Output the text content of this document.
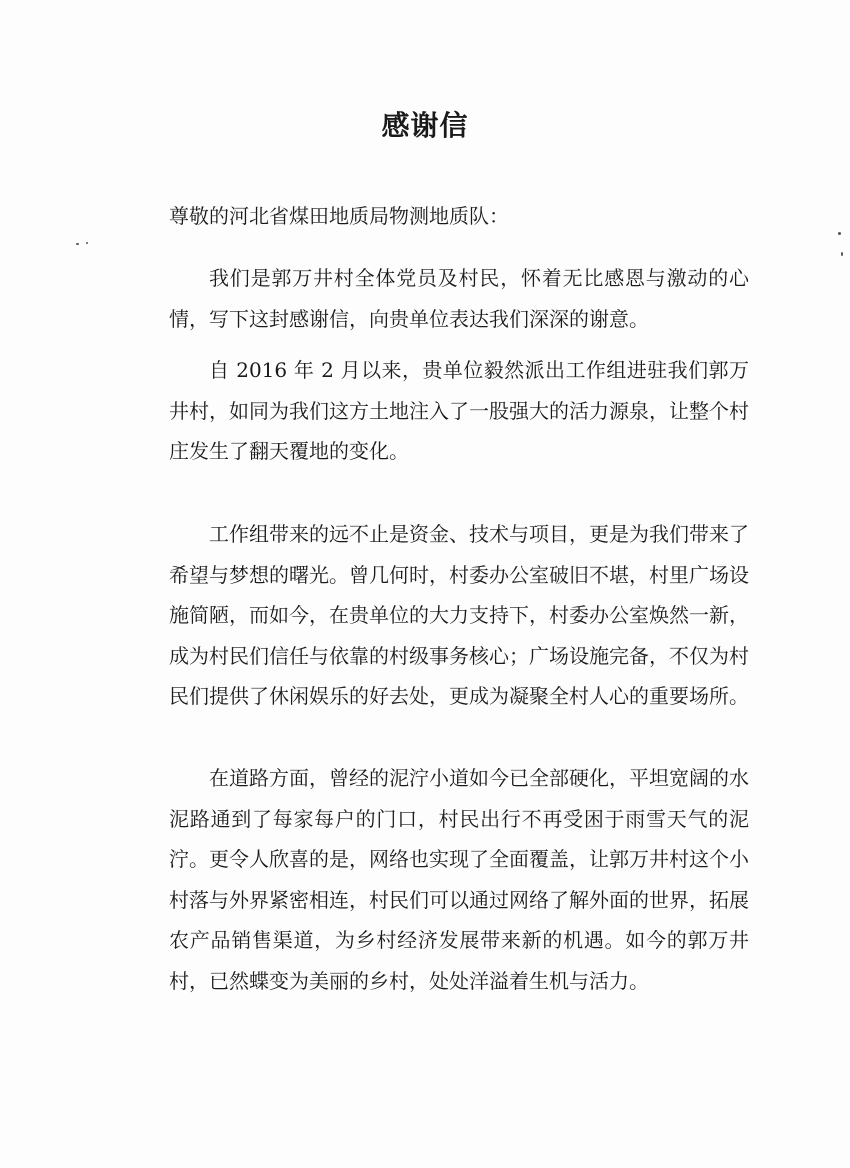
感谢信
尊敬的河北省煤田地质局物测地质队：

我们是郭万井村全体党员及村民，怀着无比感恩与激动的心情，写下这封感谢信，向贵单位表达我们深深的谢意。

自 2016 年 2 月以来，贵单位毅然派出工作组进驻我们郭万井村，如同为我们这方土地注入了一股强大的活力源泉，让整个村庄发生了翻天覆地的变化。

工作组带来的远不止是资金、技术与项目，更是为我们带来了希望与梦想的曙光。曾几何时，村委办公室破旧不堪，村里广场设施简陋，而如今，在贵单位的大力支持下，村委办公室焕然一新，成为村民们信任与依靠的村级事务核心；广场设施完备，不仅为村民们提供了休闲娱乐的好去处，更成为凝聚全村人心的重要场所。

在道路方面，曾经的泥泞小道如今已全部硬化，平坦宽阔的水泥路通到了每家每户的门口，村民出行不再受困于雨雪天气的泥泞。更令人欣喜的是，网络也实现了全面覆盖，让郭万井村这个小村落与外界紧密相连，村民们可以通过网络了解外面的世界，拓展农产品销售渠道，为乡村经济发展带来新的机遇。如今的郭万井村，已然蝶变为美丽的乡村，处处洋溢着生机与活力。
